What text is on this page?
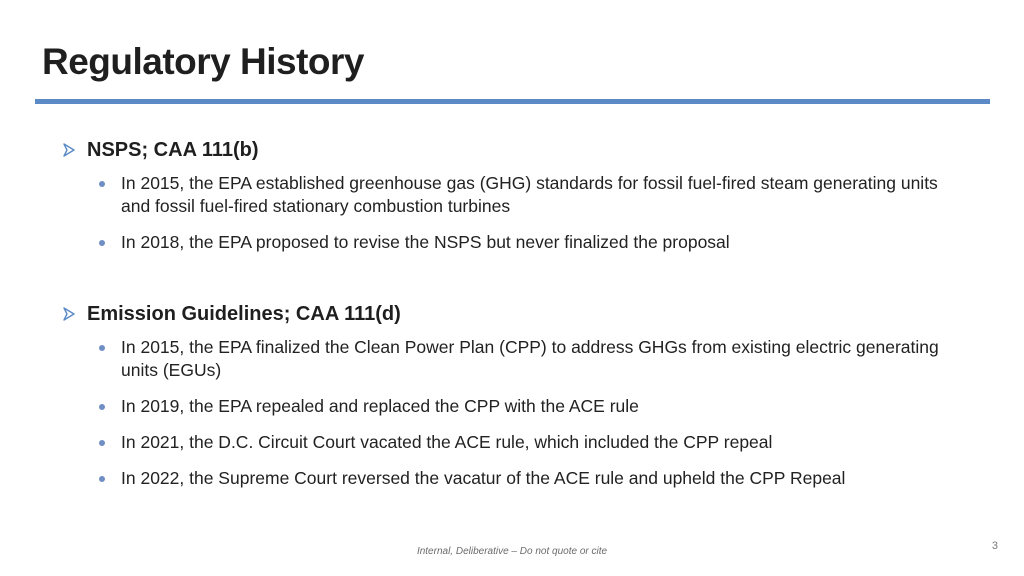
Regulatory History
NSPS; CAA 111(b)
In 2015, the EPA established greenhouse gas (GHG) standards for fossil fuel-fired steam generating units and fossil fuel-fired stationary combustion turbines
In 2018, the EPA proposed to revise the NSPS but never finalized the proposal
Emission Guidelines; CAA 111(d)
In 2015, the EPA finalized the Clean Power Plan (CPP) to address GHGs from existing electric generating units (EGUs)
In 2019, the EPA repealed and replaced the CPP with the ACE rule
In 2021, the D.C. Circuit Court vacated the ACE rule, which included the CPP repeal
In 2022, the Supreme Court reversed the vacatur of the ACE rule and upheld the CPP Repeal
Internal, Deliberative – Do not quote or cite	3
